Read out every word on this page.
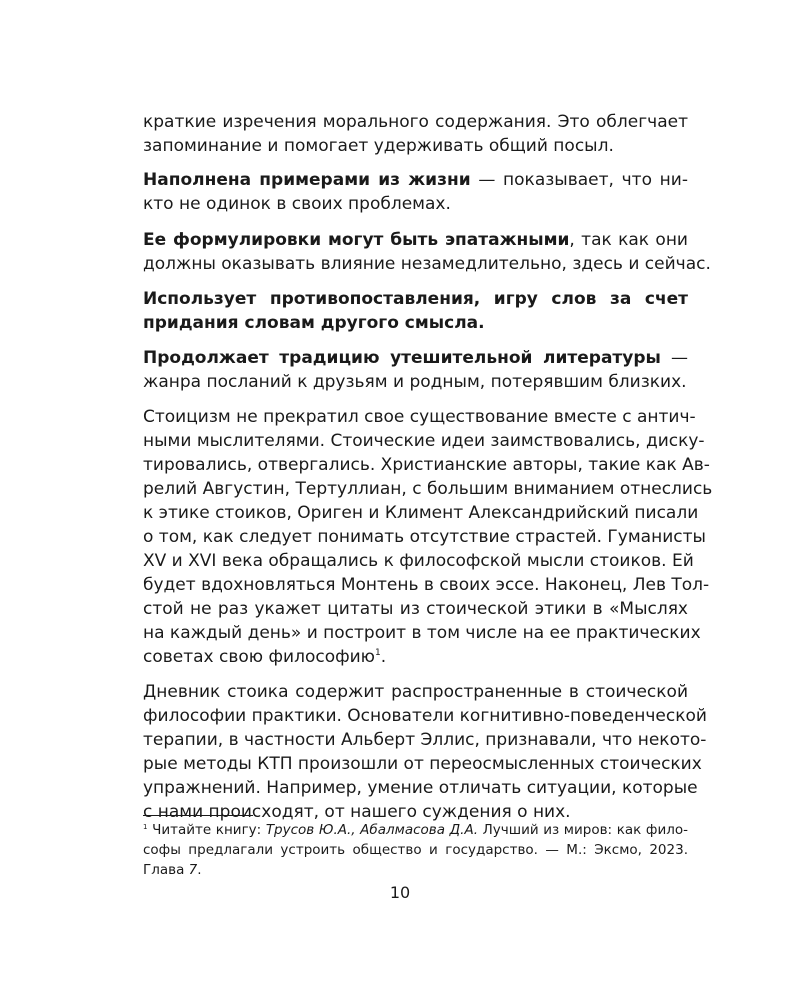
краткие изречения морального содержания. Это облегчает

запоминание и помогает удерживать общий посыл.

Наполнена примерами из жизни — показывает, что ни-

кто не одинок в своих проблемах.

Ее формулировки могут быть эпатажными, так как они

должны оказывать влияние незамедлительно, здесь и сейчас.

Использует противопоставления, игру слов за счет

придания словам другого смысла.

Продолжает традицию утешительной литературы —

жанра посланий к друзьям и родным, потерявшим близких.

Стоицизм не прекратил свое существование вместе с антич-

ными мыслителями. Стоические идеи заимствовались, диску-

тировались, отвергались. Христианские авторы, такие как Ав-

релий Августин, Тертуллиан, с большим вниманием отнеслись

к этике стоиков, Ориген и Климент Александрийский писали

о том, как следует понимать отсутствие страстей. Гуманисты

XV и XVI века обращались к философской мысли стоиков. Ей

будет вдохновляться Монтень в своих эссе. Наконец, Лев Тол-

стой не раз укажет цитаты из стоической этики в «Мыслях

на каждый день» и построит в том числе на ее практических

советах свою философию$^1$.

Дневник стоика содержит распространенные в стоической

философии практики. Основатели когнитивно-поведенческой

терапии, в частности Альберт Эллис, признавали, что некото-

рые методы КТП произошли от переосмысленных стоических

упражнений. Например, умение отличать ситуации, которые

с нами происходят, от нашего суждения о них.

$^1$ Читайте книгу: Трусов Ю.А., Абалмасова Д.А. Лучший из миров: как фило-

софы предлагали устроить общество и государство. — М.: Эксмо, 2023.

Глава 7.

10
